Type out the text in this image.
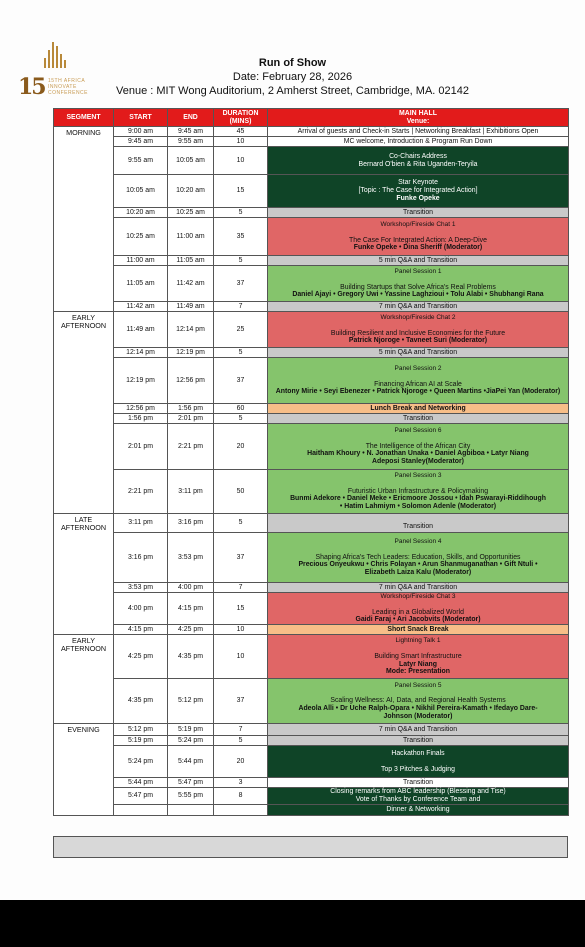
15 15TH AFRICA
INNOVATE
CONFERENCE
Run of Show
Date: February 28, 2026
Venue : MIT Wong Auditorium, 2 Amherst Street, Cambridge, MA. 02142
SEGMENT	START	END	DURATION (MINS)	MAIN HALL
Venue:

MORNING	9:00 am	9:45 am	45	Arrival of guests and Check-in Starts | Networking Breakfast | Exhibitions Open

	9:45 am	9:55 am	10	MC welcome, Introduction & Program Run Down

	9:55 am	10:05 am	10	Co-Chairs Address
Bernard O'bien & Rita Uganden-Teryila

	10:05 am	10:20 am	15	Star Keynote
[Topic : The Case for Integrated Action]
Funke Opeke

	10:20 am	10:25 am	5	Transition

	10:25 am	11:00 am	35	Workshop/Fireside Chat 1

The Case For Integrated Action: A Deep-Dive
Funke Opeke • Dina Sheriff (Moderator)

	11:00 am	11:05 am	5	5 min Q&A and Transition

	11:05 am	11:42 am	37	Panel Session 1

Building Startups that Solve Africa's Real Problems
Daniel Ajayi • Gregory Uwi • Yassine Laghzioui • Tolu Alabi • Shubhangi Rana

	11:42 am	11:49 am	7	7 min Q&A and Transition

EARLY AFTERNOON	11:49 am	12:14 pm	25	Workshop/Fireside Chat 2

Building Resilient and Inclusive Economies for the Future
Patrick Njoroge • Tavneet Suri (Moderator)

	12:14 pm	12:19 pm	5	5 min Q&A and Transition

	12:19 pm	12:56 pm	37	Panel Session 2

Financing African AI at Scale
Antony Mirie • Seyi Ebenezer • Patrick Njoroge • Queen Martins •JiaPei Yan (Moderator)

	12:56 pm	1:56 pm	60	Lunch Break and Networking

	1:56 pm	2:01 pm	5	Transition

	2:01 pm	2:21 pm	20	Panel Session 6

The Intelligence of the African City
Haitham Khoury • N. Jonathan Unaka • Daniel Agbiboa • Latyr Niang
Adeposi Stanley(Moderator)

	2:21 pm	3:11 pm	50	Panel Session 3

Futuristic Urban Infrastructure & Policymaking
Bunmi Adekore • Daniel Meke • Ericmoore Jossou • Idah Pswarayi-Riddihough
• Hatim Lahmiym • Solomon Adenle (Moderator)

LATE AFTERNOON	3:11 pm	3:16 pm	5	Transition

	3:16 pm	3:53 pm	37	Panel Session 4

Shaping Africa's Tech Leaders: Education, Skills, and Opportunities
Precious Onyeukwu • Chris Folayan • Arun Shanmuganathan • Gift Ntuli •
Elizabeth Laiza Kalu (Moderator)

	3:53 pm	4:00 pm	7	7 min Q&A and Transition

	4:00 pm	4:15 pm	15	Workshop/Fireside Chat 3

Leading in a Globalized World
Gaidi Faraj • Ari Jacobvits (Moderator)

	4:15 pm	4:25 pm	10	Short Snack Break

EARLY AFTERNOON	4:25 pm	4:35 pm	10	Lightning Talk 1

Building Smart Infrastructure
Latyr Niang
Mode: Presentation

	4:35 pm	5:12 pm	37	Panel Session 5

Scaling Wellness: AI, Data, and Regional Health Systems
Adeola Alli • Dr Uche Ralph-Opara • Nikhil Pereira-Kamath • Ifedayo Dare-
Johnson (Moderator)

EVENING	5:12 pm	5:19 pm	7	7 min Q&A and Transition

	5:19 pm	5:24 pm	5	Transition

	5:24 pm	5:44 pm	20	Hackathon Finals

Top 3 Pitches & Judging

	5:44 pm	5:47 pm	3	Transition

	5:47 pm	5:55 pm	8	Closing remarks from ABC leadership (Blessing and Tise)
Vote of Thanks by Conference Team and

				Dinner & Networking
